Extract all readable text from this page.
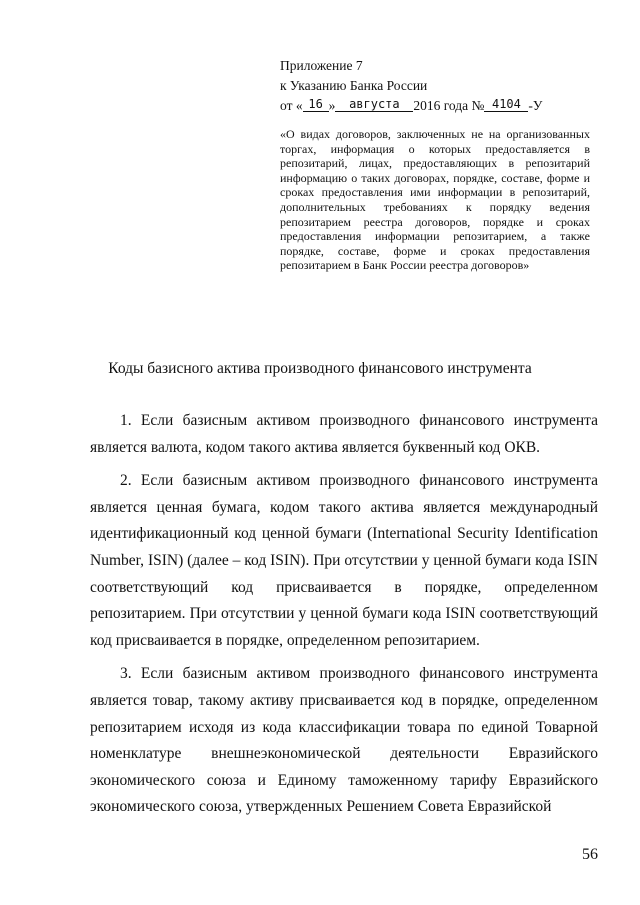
Приложение 7
к Указанию Банка России
от « 16 » августа 2016 года № 4104 -У
«О видах договоров, заключенных не на организованных торгах, информация о которых предоставляется в репозитарий, лицах, предоставляющих в репозитарий информацию о таких договорах, порядке, составе, форме и сроках предоставления ими информации в репозитарий, дополнительных требованиях к порядку ведения репозитарием реестра договоров, порядке и сроках предоставления информации репозитарием, а также порядке, составе, форме и сроках предоставления репозитарием в Банк России реестра договоров»
Коды базисного актива производного финансового инструмента

1. Если базисным активом производного финансового инструмента является валюта, кодом такого актива является буквенный код ОКВ.

2. Если базисным активом производного финансового инструмента является ценная бумага, кодом такого актива является международный идентификационный код ценной бумаги (International Security Identification Number, ISIN) (далее – код ISIN). При отсутствии у ценной бумаги кода ISIN соответствующий код присваивается в порядке, определенном репозитарием. При отсутствии у ценной бумаги кода ISIN соответствующий код присваивается в порядке, определенном репозитарием.

3. Если базисным активом производного финансового инструмента является товар, такому активу присваивается код в порядке, определенном репозитарием исходя из кода классификации товара по единой Товарной номенклатуре внешнеэкономической деятельности Евразийского экономического союза и Единому таможенному тарифу Евразийского экономического союза, утвержденных Решением Совета Евразийской

56
